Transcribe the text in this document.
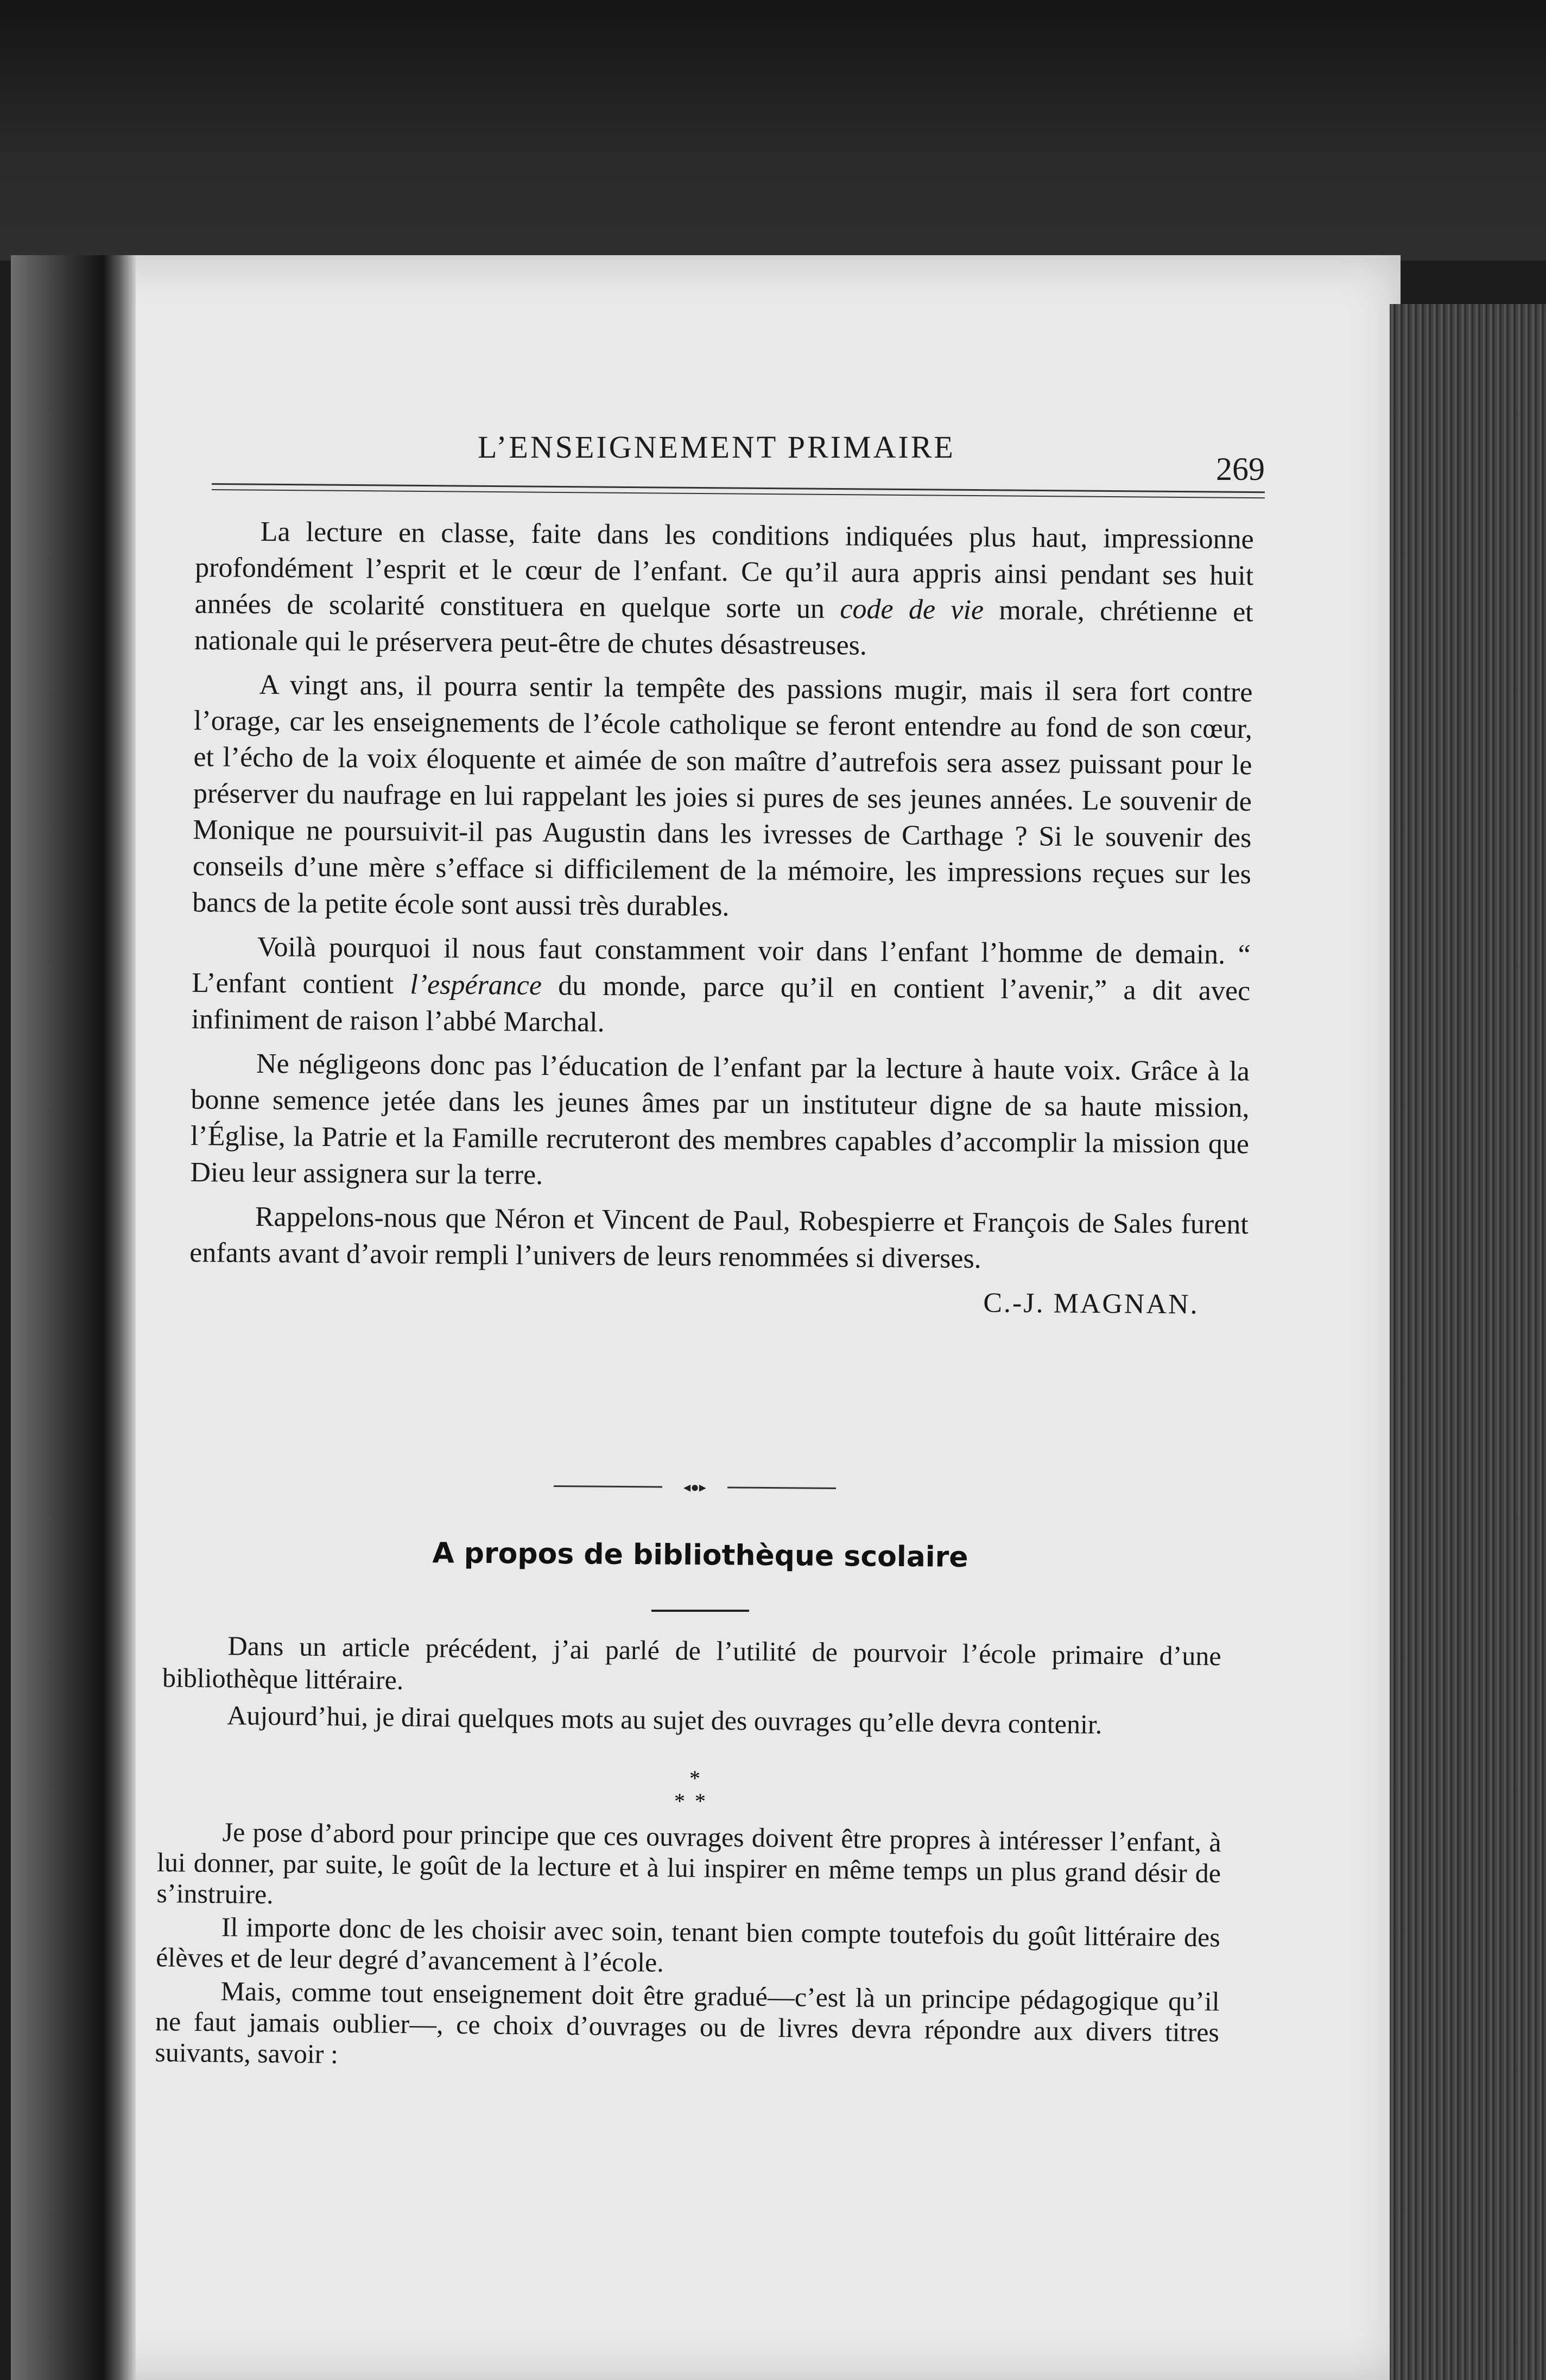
L’ENSEIGNEMENT PRIMAIRE
269

La lecture en classe, faite dans les conditions indiquées plus haut, impressionne profondément l’esprit et le cœur de l’enfant. Ce qu’il aura appris ainsi pendant ses huit années de scolarité constituera en quelque sorte un code de vie morale, chrétienne et nationale qui le préservera peut-être de chutes désastreuses.

A vingt ans, il pourra sentir la tempête des passions mugir, mais il sera fort contre l’orage, car les enseignements de l’école catholique se feront entendre au fond de son cœur, et l’écho de la voix éloquente et aimée de son maître d’autrefois sera assez puissant pour le préserver du naufrage en lui rappelant les joies si pures de ses jeunes années. Le souvenir de Monique ne poursuivit-il pas Augustin dans les ivresses de Carthage ? Si le souvenir des conseils d’une mère s’efface si difficilement de la mémoire, les impressions reçues sur les bancs de la petite école sont aussi très durables.

Voilà pourquoi il nous faut constamment voir dans l’enfant l’homme de demain. “ L’enfant contient l’espérance du monde, parce qu’il en contient l’avenir,” a dit avec infiniment de raison l’abbé Marchal.

Ne négligeons donc pas l’éducation de l’enfant par la lecture à haute voix. Grâce à la bonne semence jetée dans les jeunes âmes par un instituteur digne de sa haute mission, l’Église, la Patrie et la Famille recruteront des membres capables d’accomplir la mission que Dieu leur assignera sur la terre.

Rappelons-nous que Néron et Vincent de Paul, Robespierre et François de Sales furent enfants avant d’avoir rempli l’univers de leurs renommées si diverses.

C.-J. MAGNAN.
◂●▸
A propos de bibliothèque scolaire

Dans un article précédent, j’ai parlé de l’utilité de pourvoir l’école primaire d’une bibliothèque littéraire.

Aujourd’hui, je dirai quelques mots au sujet des ouvrages qu’elle devra contenir.

*
**

Je pose d’abord pour principe que ces ouvrages doivent être propres à intéresser l’enfant, à lui donner, par suite, le goût de la lecture et à lui inspirer en même temps un plus grand désir de s’instruire.

Il importe donc de les choisir avec soin, tenant bien compte toutefois du goût littéraire des élèves et de leur degré d’avancement à l’école.

Mais, comme tout enseignement doit être gradué—c’est là un principe pédagogique qu’il ne faut jamais oublier—, ce choix d’ouvrages ou de livres devra répondre aux divers titres suivants, savoir :
